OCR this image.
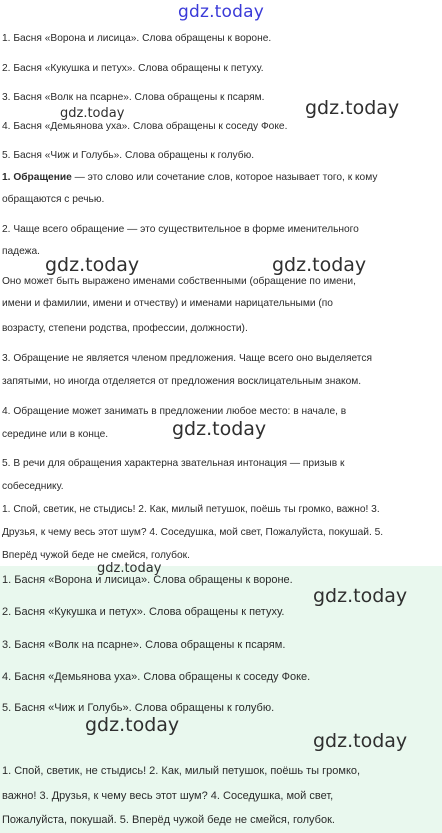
gdz.today
1. Басня «Ворона и лисица». Слова обращены к вороне.
2. Басня «Кукушка и петух». Слова обращены к петуху.
3. Басня «Волк на псарне». Слова обращены к псарям.
4. Басня «Демьянова уха». Слова обращены к соседу Фоке.
5. Басня «Чиж и Голубь». Слова обращены к голубю.
1. Обращение — это слово или сочетание слов, которое называет того, к кому
обращаются с речью.
2. Чаще всего обращение — это существительное в форме именительного
падежа.
Оно может быть выражено именами собственными (обращение по имени,
имени и фамилии, имени и отчеству) и именами нарицательными (по
возрасту, степени родства, профессии, должности).
3. Обращение не является членом предложения. Чаще всего оно выделяется
запятыми, но иногда отделяется от предложения восклицательным знаком.
4. Обращение может занимать в предложении любое место: в начале, в
середине или в конце.
5. В речи для обращения характерна звательная интонация — призыв к
собеседнику.
1. Спой, светик, не стыдись! 2. Как, милый петушок, поёшь ты громко, важно! 3.
Друзья, к чему весь этот шум? 4. Соседушка, мой свет, Пожалуйста, покушай. 5.
Вперёд чужой беде не смейся, голубок.
gdz.today	gdz.today
gdz.today	gdz.today
gdz.today
1. Басня «Ворона и лисица». Слова обращены к вороне.
2. Басня «Кукушка и петух». Слова обращены к петуху.
3. Басня «Волк на псарне». Слова обращены к псарям.
4. Басня «Демьянова уха». Слова обращены к соседу Фоке.
5. Басня «Чиж и Голубь». Слова обращены к голубю.
1. Спой, светик, не стыдись! 2. Как, милый петушок, поёшь ты громко,
важно! 3. Друзья, к чему весь этот шум? 4. Соседушка, мой свет,
Пожалуйста, покушай. 5. Вперёд чужой беде не смейся, голубок.
gdz.today
gdz.today
gdz.today
gdz.today
